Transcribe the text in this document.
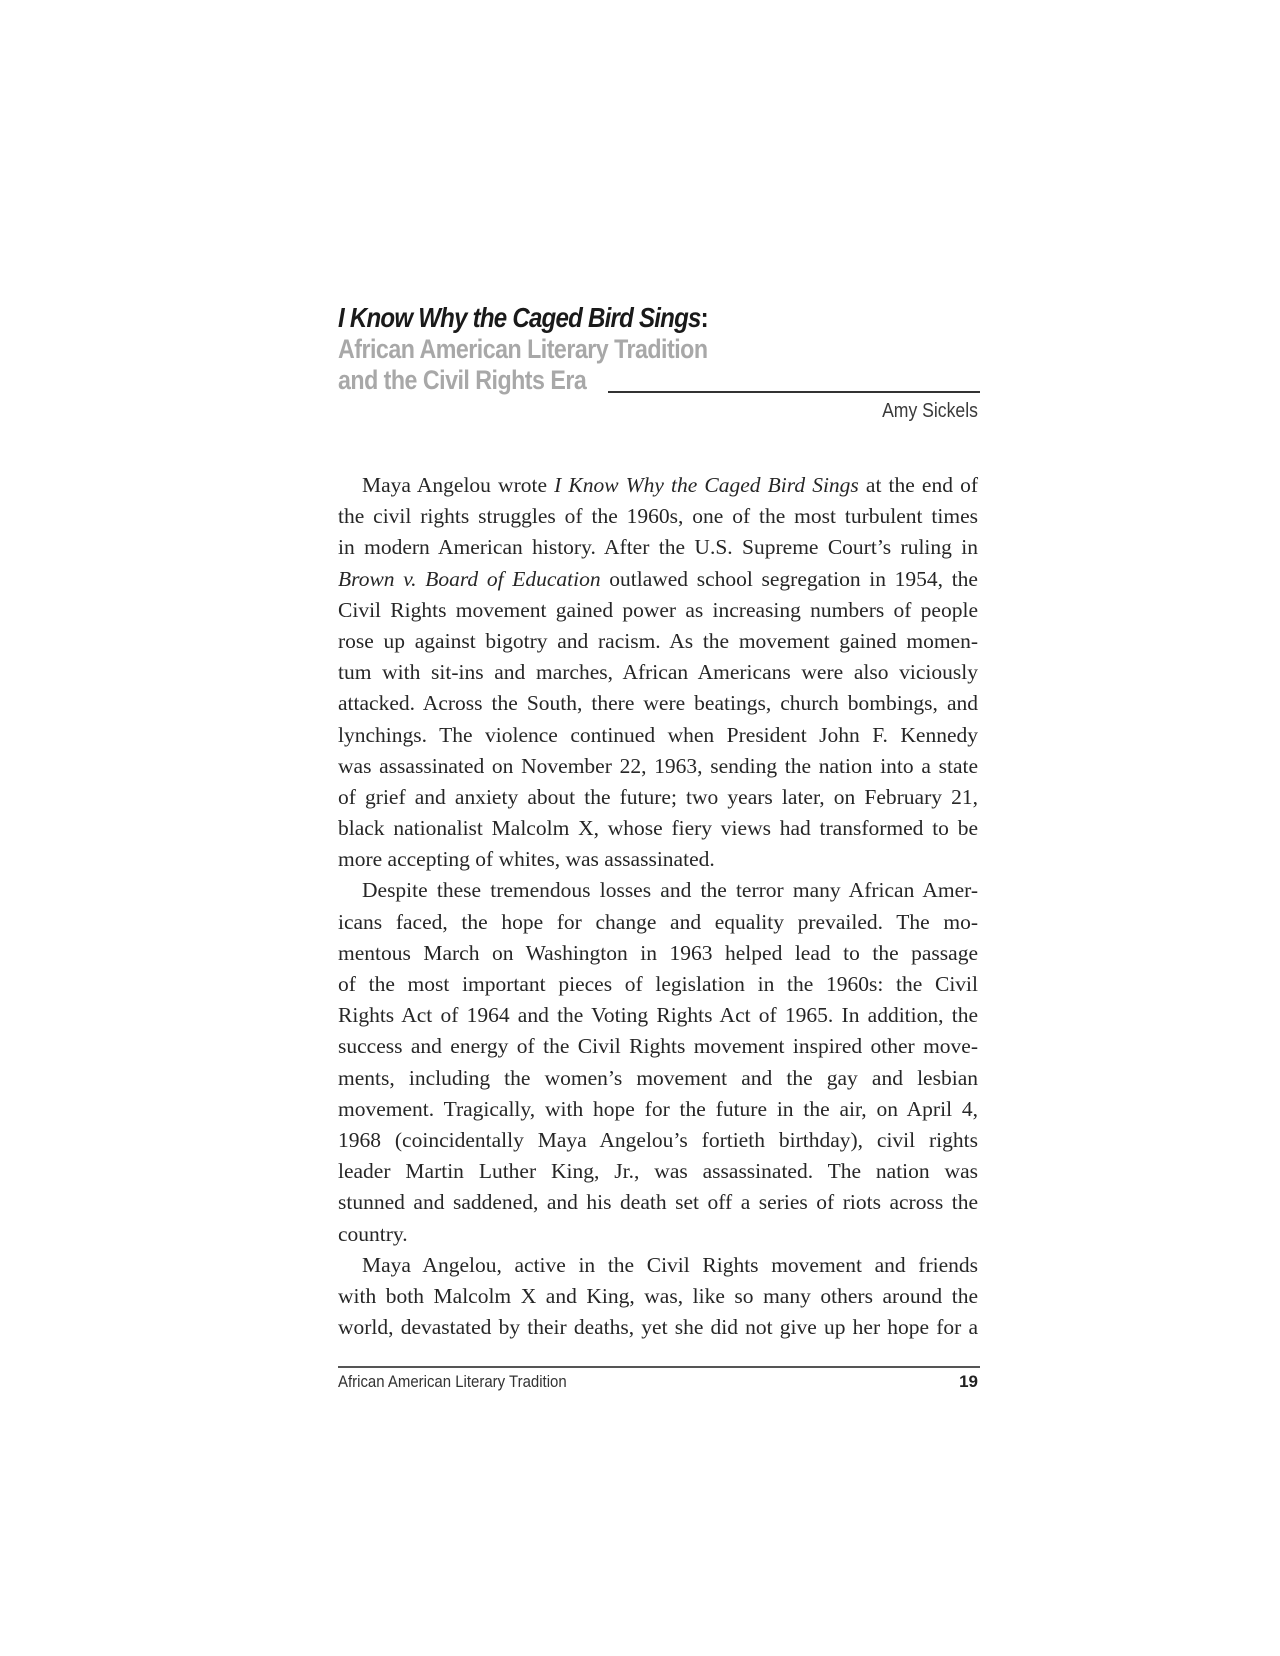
I Know Why the Caged Bird Sings:
African American Literary Tradition
and the Civil Rights Era
Amy Sickels
Maya Angelou wrote I Know Why the Caged Bird Sings at the end of
the civil rights struggles of the 1960s, one of the most turbulent times
in modern American history. After the U.S. Supreme Court’s ruling in
Brown v. Board of Education outlawed school segregation in 1954, the
Civil Rights movement gained power as increasing numbers of people
rose up against bigotry and racism. As the movement gained momen-
tum with sit-ins and marches, African Americans were also viciously
attacked. Across the South, there were beatings, church bombings, and
lynchings. The violence continued when President John F. Kennedy
was assassinated on November 22, 1963, sending the nation into a state
of grief and anxiety about the future; two years later, on February 21,
black nationalist Malcolm X, whose fiery views had transformed to be
more accepting of whites, was assassinated.
Despite these tremendous losses and the terror many African Amer-
icans faced, the hope for change and equality prevailed. The mo-
mentous March on Washington in 1963 helped lead to the passage
of the most important pieces of legislation in the 1960s: the Civil
Rights Act of 1964 and the Voting Rights Act of 1965. In addition, the
success and energy of the Civil Rights movement inspired other move-
ments, including the women’s movement and the gay and lesbian
movement. Tragically, with hope for the future in the air, on April 4,
1968 (coincidentally Maya Angelou’s fortieth birthday), civil rights
leader Martin Luther King, Jr., was assassinated. The nation was
stunned and saddened, and his death set off a series of riots across the
country.
Maya Angelou, active in the Civil Rights movement and friends
with both Malcolm X and King, was, like so many others around the
world, devastated by their deaths, yet she did not give up her hope for a
African American Literary Tradition	19
